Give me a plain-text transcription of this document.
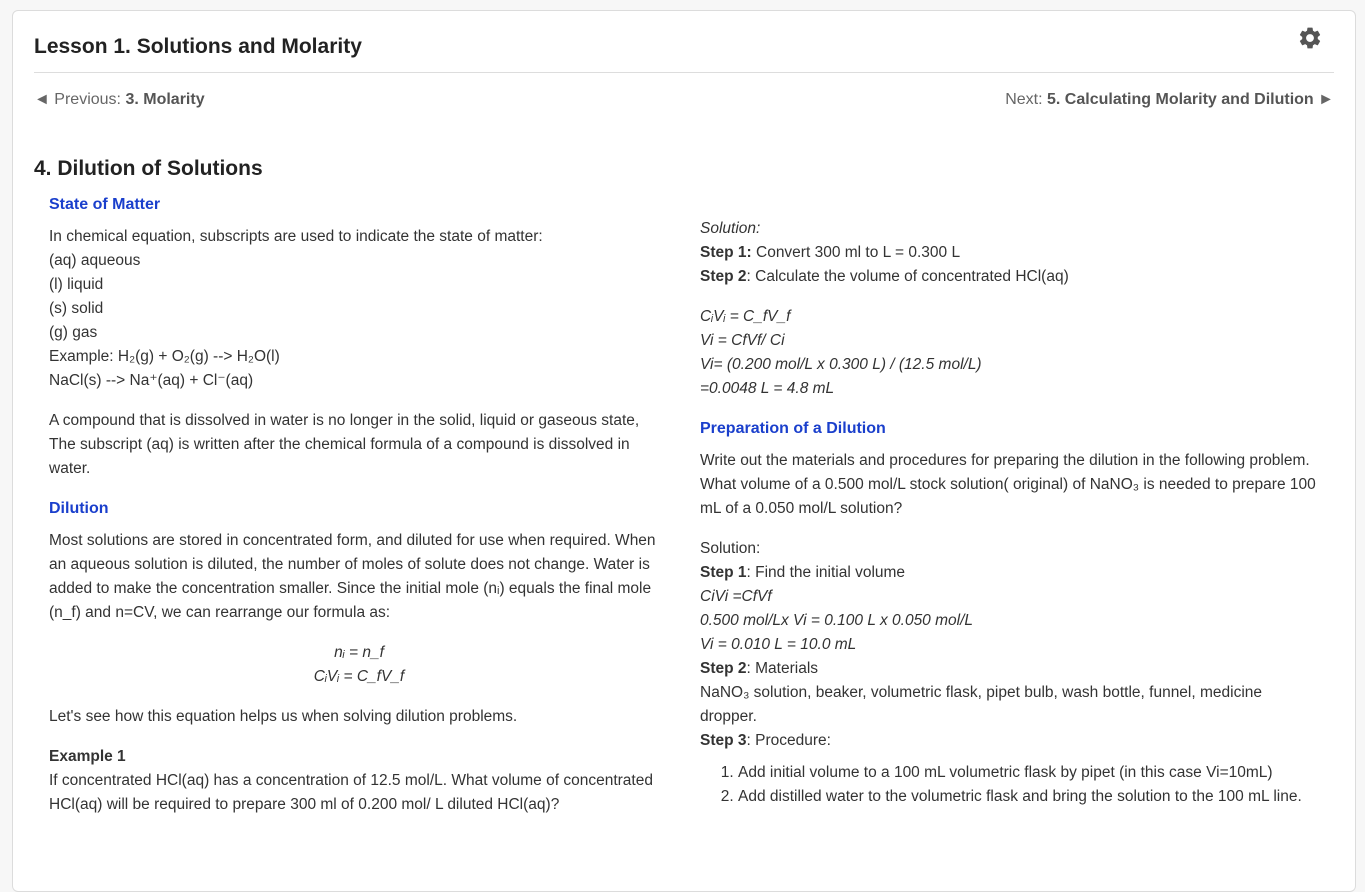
Lesson 1. Solutions and Molarity
◄ Previous: 3. Molarity	Next: 5. Calculating Molarity and Dilution ►
4. Dilution of Solutions
State of Matter

In chemical equation, subscripts are used to indicate the state of matter:

(aq) aqueous

(l) liquid

(s) solid

(g) gas

Example: H₂(g) + O₂(g) --> H₂O(l)

NaCl(s) --> Na⁺(aq) + Cl⁻(aq)

A compound that is dissolved in water is no longer in the solid, liquid or gaseous state, The subscript (aq) is written after the chemical formula of a compound is dissolved in water.

Dilution

Most solutions are stored in concentrated form, and diluted for use when required. When an aqueous solution is diluted, the number of moles of solute does not change. Water is added to make the concentration smaller. Since the initial mole (nᵢ) equals the final mole (n_f) and n=CV, we can rearrange our formula as:

nᵢ = n_f

CᵢVᵢ = C_fV_f

Let's see how this equation helps us when solving dilution problems.

Example 1

If concentrated HCl(aq) has a concentration of 12.5 mol/L. What volume of concentrated HCl(aq) will be required to prepare 300 ml of 0.200 mol/ L diluted HCl(aq)?

Solution:

Step 1: Convert 300 ml to L = 0.300 L

Step 2: Calculate the volume of concentrated HCl(aq)

CᵢVᵢ = C_fV_f

Vi = CfVf/ Ci

Vi= (0.200 mol/L x 0.300 L) / (12.5 mol/L)

=0.0048 L = 4.8 mL

Preparation of a Dilution

Write out the materials and procedures for preparing the dilution in the following problem.

What volume of a 0.500 mol/L stock solution( original) of NaNO₃ is needed to prepare 100 mL of a 0.050 mol/L solution?

Solution:

Step 1: Find the initial volume

CiVi =CfVf

0.500 mol/Lx Vi = 0.100 L x 0.050 mol/L

Vi = 0.010 L = 10.0 mL

Step 2: Materials

NaNO₃ solution, beaker, volumetric flask, pipet bulb, wash bottle, funnel, medicine dropper.

Step 3: Procedure:

1. Add initial volume to a 100 mL volumetric flask by pipet (in this case Vi=10mL)
2. Add distilled water to the volumetric flask and bring the solution to the 100 mL line.
